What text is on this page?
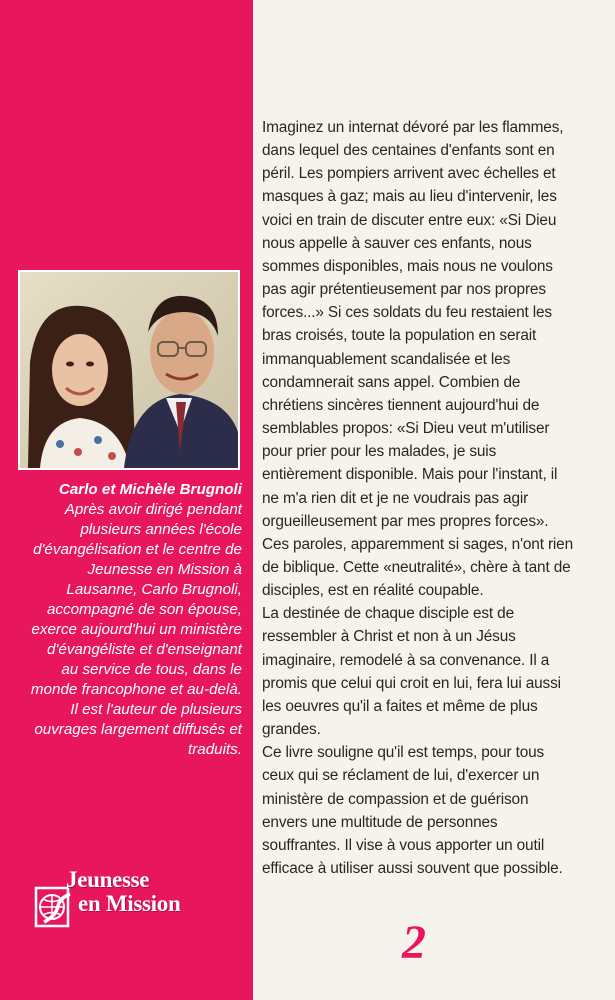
Carlo et Michèle Brugnoli
Après avoir dirigé pendant plusieurs années l'école d'évangélisation et le centre de Jeunesse en Mission à Lausanne, Carlo Brugnoli, accompagné de son épouse, exerce aujourd'hui un ministère d'évangéliste et d'enseignant au service de tous, dans le monde francophone et au-delà. Il est l'auteur de plusieurs ouvrages largement diffusés et traduits.
Jeunesse
en Mission

Imaginez un internat dévoré par les flammes, dans lequel des centaines d'enfants sont en péril. Les pompiers arrivent avec échelles et masques à gaz; mais au lieu d'intervenir, les voici en train de discuter entre eux: «Si Dieu nous appelle à sauver ces enfants, nous sommes disponibles, mais nous ne voulons pas agir prétentieusement par nos propres forces...» Si ces soldats du feu restaient les bras croisés, toute la population en serait immanquablement scandalisée et les condamnerait sans appel. Combien de chrétiens sincères tiennent aujourd'hui de semblables propos: «Si Dieu veut m'utiliser pour prier pour les malades, je suis entièrement disponible. Mais pour l'instant, il ne m'a rien dit et je ne voudrais pas agir orgueilleusement par mes propres forces». Ces paroles, apparemment si sages, n'ont rien de biblique. Cette «neutralité», chère à tant de disciples, est en réalité coupable.

La destinée de chaque disciple est de ressembler à Christ et non à un Jésus imaginaire, remodelé à sa convenance. Il a promis que celui qui croit en lui, fera lui aussi les oeuvres qu'il a faites et même de plus grandes.

Ce livre souligne qu'il est temps, pour tous ceux qui se réclament de lui, d'exercer un ministère de compassion et de guérison envers une multitude de personnes souffrantes. Il vise à vous apporter un outil efficace à utiliser aussi souvent que possible.

2
